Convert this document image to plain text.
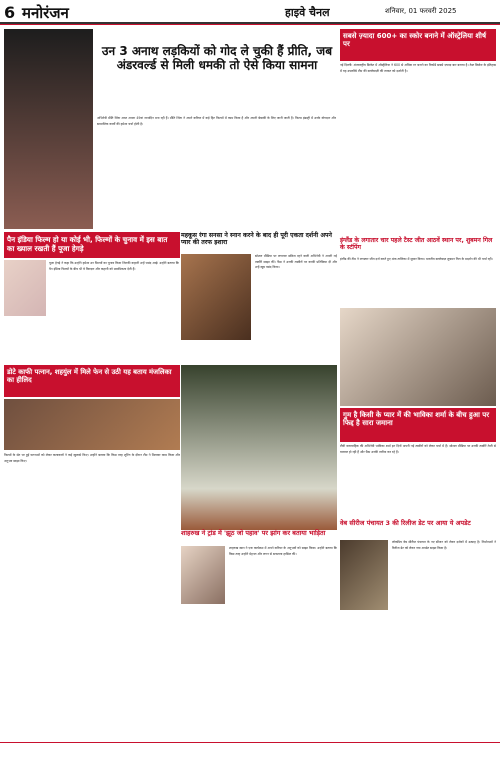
6 मनोरंजन	हाइवे चैनल	शनिवार, 01 फरवरी 2025
उन 3 अनाथ लड़कियों को गोद ले चुकी हैं प्रीति, जब अंडरवर्ल्ड से मिली धमकी तो ऐसे किया सामना
अभिनेत्री प्रीति जिंटा आज अपना 49वां जन्मदिन मना रही हैं। प्रीति जिंटा ने अपने करियर में कई हिट फिल्मों में काम किया है और अपनी बेबाकी के लिए जानी जाती हैं। फिल्म इंडस्ट्री में उनके योगदान और सामाजिक कार्यों की हमेशा चर्चा होती है।
पैन इंडिया फिल्म हो या कोई भी, फिल्मों के चुनाव में इस बात का ख्याल रखती हैं पूजा हेगड़े
पूजा हेगड़े ने कहा कि उन्होंने हमेशा उन फिल्मों का चुनाव किया जिनकी कहानी उन्हें पसंद आई। उन्होंने बताया कि पैन इंडिया फिल्मों के बीच भी वे किरदार और कहानी को प्राथमिकता देती हैं।
महकूस रंगा सनसा ने स्नान करने के बाद ही पूरी एकता दर्शनी अपने प्यार की तरफ इशारा
सोशल मीडिया पर लगातार सक्रिय रहने वाली अभिनेत्री ने अपनी नई तस्वीरें साझा कीं। फैंस ने उनकी तस्वीरों पर काफी प्रतिक्रिया दी और उन्हें खूब पसंद किया।
डोटे काफी पत्नान, शहयुंल में मिले फेन से उठी यह बताय मंजलिका का हीलिद
फिल्मों के सेट पर हुई घटनाओं को लेकर कलाकारों ने कई खुलासे किए। उन्होंने बताया कि किस तरह शूटिंग के दौरान टीम ने मिलकर काम किया और अनुभव साझा किए।
शाहरुख ने ट्रांड में 'झूठ जो पहाव' पर झांग कर बताया भाड़िता
शाहरुख खान ने एक कार्यक्रम में अपने करियर के अनुभवों को साझा किया। उन्होंने बताया कि किस तरह उन्होंने मेहनत और लगन से सफलता हासिल की।
सबसे ज़्यादा 600+ का स्कोर बनाने में ऑस्ट्रेलिया शीर्ष पर
नई दिल्ली: अंतरराष्ट्रीय क्रिकेट में ऑस्ट्रेलिया ने 600 से अधिक रन बनाने का रिकॉर्ड सबसे ज़्यादा बार बनाया है। टेस्ट क्रिकेट के इतिहास में यह उपलब्धि टीम की बल्लेबाज़ी की ताकत को दर्शाती है।
इंग्लैंड के लगातार चार पहले टैस्ट जीत आठवें स्थान पर, शुबमन गिल के स्टंपिंग
इंग्लैंड की टीम ने लगातार जीत दर्ज करते हुए अंक तालिका में सुधार किया। भारतीय बल्लेबाज़ शुबमन गिल के प्रदर्शन की भी चर्चा रही।
गुम है किसी के प्यार में की भाविका शर्मा के बीच हुआ पर फिद्द है सारा जमाना
टीवी धारावाहिक की अभिनेत्री भाविका शर्मा इन दिनों अपनी नई तस्वीरों को लेकर चर्चा में हैं। सोशल मीडिया पर उनकी तस्वीरें तेजी से वायरल हो रही हैं और फैंस उनकी तारीफ कर रहे हैं।
वेब सीरीज पंचायत 3 की रिलीज डेट पर आया ये अपडेट
लोकप्रिय वेब सीरीज पंचायत के नए सीजन को लेकर दर्शकों में उत्साह है। निर्माताओं ने रिलीज डेट को लेकर नया अपडेट साझा किया है।
